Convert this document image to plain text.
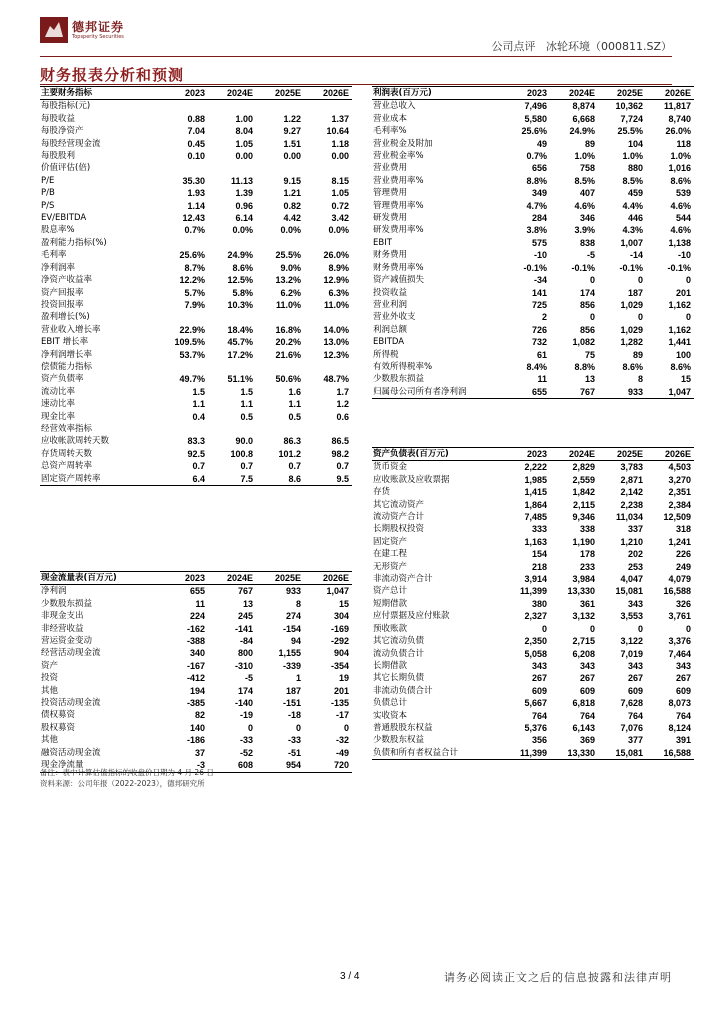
德邦证券
Topsperity Securities
公司点评 冰轮环境（000811.SZ）
财务报表分析和预测
主要财务指标	2023	2024E	2025E	2026E
每股指标(元)				
每股收益	0.88	1.00	1.22	1.37
每股净资产	7.04	8.04	9.27	10.64
每股经营现金流	0.45	1.05	1.51	1.18
每股股利	0.10	0.00	0.00	0.00
价值评估(倍)				
P/E	35.30	11.13	9.15	8.15
P/B	1.93	1.39	1.21	1.05
P/S	1.14	0.96	0.82	0.72
EV/EBITDA	12.43	6.14	4.42	3.42
股息率%	0.7%	0.0%	0.0%	0.0%
盈利能力指标(%)				
毛利率	25.6%	24.9%	25.5%	26.0%
净利润率	8.7%	8.6%	9.0%	8.9%
净资产收益率	12.2%	12.5%	13.2%	12.9%
资产回报率	5.7%	5.8%	6.2%	6.3%
投资回报率	7.9%	10.3%	11.0%	11.0%
盈利增长(%)				
营业收入增长率	22.9%	18.4%	16.8%	14.0%
EBIT 增长率	109.5%	45.7%	20.2%	13.0%
净利润增长率	53.7%	17.2%	21.6%	12.3%
偿债能力指标				
资产负债率	49.7%	51.1%	50.6%	48.7%
流动比率	1.5	1.5	1.6	1.7
速动比率	1.1	1.1	1.1	1.2
现金比率	0.4	0.5	0.5	0.6
经营效率指标				
应收帐款周转天数	83.3	90.0	86.3	86.5
存货周转天数	92.5	100.8	101.2	98.2
总资产周转率	0.7	0.7	0.7	0.7
固定资产周转率	6.4	7.5	8.6	9.5
现金流量表(百万元)	2023	2024E	2025E	2026E
净利润	655	767	933	1,047
少数股东损益	11	13	8	15
非现金支出	224	245	274	304
非经营收益	-162	-141	-154	-169
营运资金变动	-388	-84	94	-292
经营活动现金流	340	800	1,155	904
资产	-167	-310	-339	-354
投资	-412	-5	1	19
其他	194	174	187	201
投资活动现金流	-385	-140	-151	-135
债权募资	82	-19	-18	-17
股权募资	140	0	0	0
其他	-186	-33	-33	-32
融资活动现金流	37	-52	-51	-49
现金净流量	-3	608	954	720
利润表(百万元)	2023	2024E	2025E	2026E
营业总收入	7,496	8,874	10,362	11,817
营业成本	5,580	6,668	7,724	8,740
毛利率%	25.6%	24.9%	25.5%	26.0%
营业税金及附加	49	89	104	118
营业税金率%	0.7%	1.0%	1.0%	1.0%
营业费用	656	758	880	1,016
营业费用率%	8.8%	8.5%	8.5%	8.6%
管理费用	349	407	459	539
管理费用率%	4.7%	4.6%	4.4%	4.6%
研发费用	284	346	446	544
研发费用率%	3.8%	3.9%	4.3%	4.6%
EBIT	575	838	1,007	1,138
财务费用	-10	-5	-14	-10
财务费用率%	-0.1%	-0.1%	-0.1%	-0.1%
资产减值损失	-34	0	0	0
投资收益	141	174	187	201
营业利润	725	856	1,029	1,162
营业外收支	2	0	0	0
利润总额	726	856	1,029	1,162
EBITDA	732	1,082	1,282	1,441
所得税	61	75	89	100
有效所得税率%	8.4%	8.8%	8.6%	8.6%
少数股东损益	11	13	8	15
归属母公司所有者净利润	655	767	933	1,047
资产负债表(百万元)	2023	2024E	2025E	2026E
货币资金	2,222	2,829	3,783	4,503
应收账款及应收票据	1,985	2,559	2,871	3,270
存货	1,415	1,842	2,142	2,351
其它流动资产	1,864	2,115	2,238	2,384
流动资产合计	7,485	9,346	11,034	12,509
长期股权投资	333	338	337	318
固定资产	1,163	1,190	1,210	1,241
在建工程	154	178	202	226
无形资产	218	233	253	249
非流动资产合计	3,914	3,984	4,047	4,079
资产总计	11,399	13,330	15,081	16,588
短期借款	380	361	343	326
应付票据及应付账款	2,327	3,132	3,553	3,761
预收账款	0	0	0	0
其它流动负债	2,350	2,715	3,122	3,376
流动负债合计	5,058	6,208	7,019	7,464
长期借款	343	343	343	343
其它长期负债	267	267	267	267
非流动负债合计	609	609	609	609
负债总计	5,667	6,818	7,628	8,073
实收资本	764	764	764	764
普通股股东权益	5,376	6,143	7,076	8,124
少数股东权益	356	369	377	391
负债和所有者权益合计	11,399	13,330	15,081	16,588
备注：表中计算估值指标的收盘价日期为 4 月 26 日
资料来源：公司年报（2022-2023），德邦研究所
3 / 4	请务必阅读正文之后的信息披露和法律声明
